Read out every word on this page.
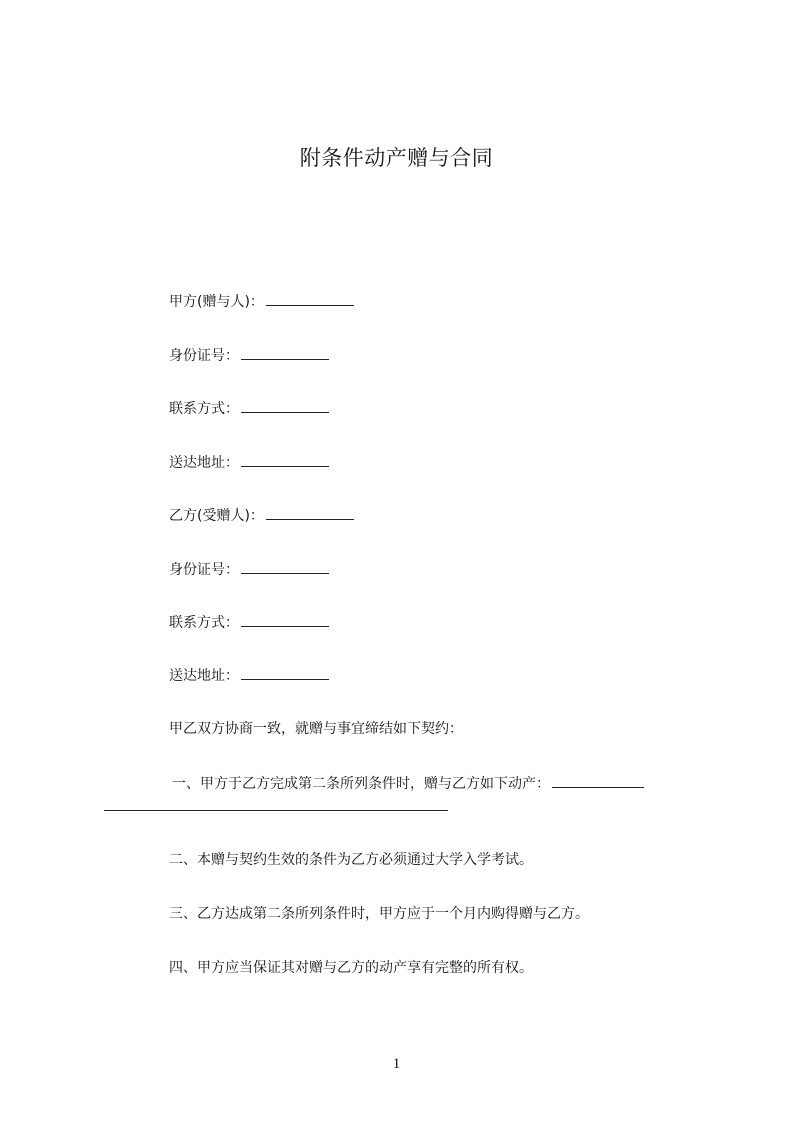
附条件动产赠与合同
甲方(赠与人)：
身份证号：
联系方式：
送达地址：
乙方(受赠人)：
身份证号：
联系方式：
送达地址：
甲乙双方协商一致，就赠与事宜缔结如下契约：
一、甲方于乙方完成第二条所列条件时，赠与乙方如下动产：
二、本赠与契约生效的条件为乙方必须通过大学入学考试。
三、乙方达成第二条所列条件时，甲方应于一个月内购得赠与乙方。
四、甲方应当保证其对赠与乙方的动产享有完整的所有权。
1
